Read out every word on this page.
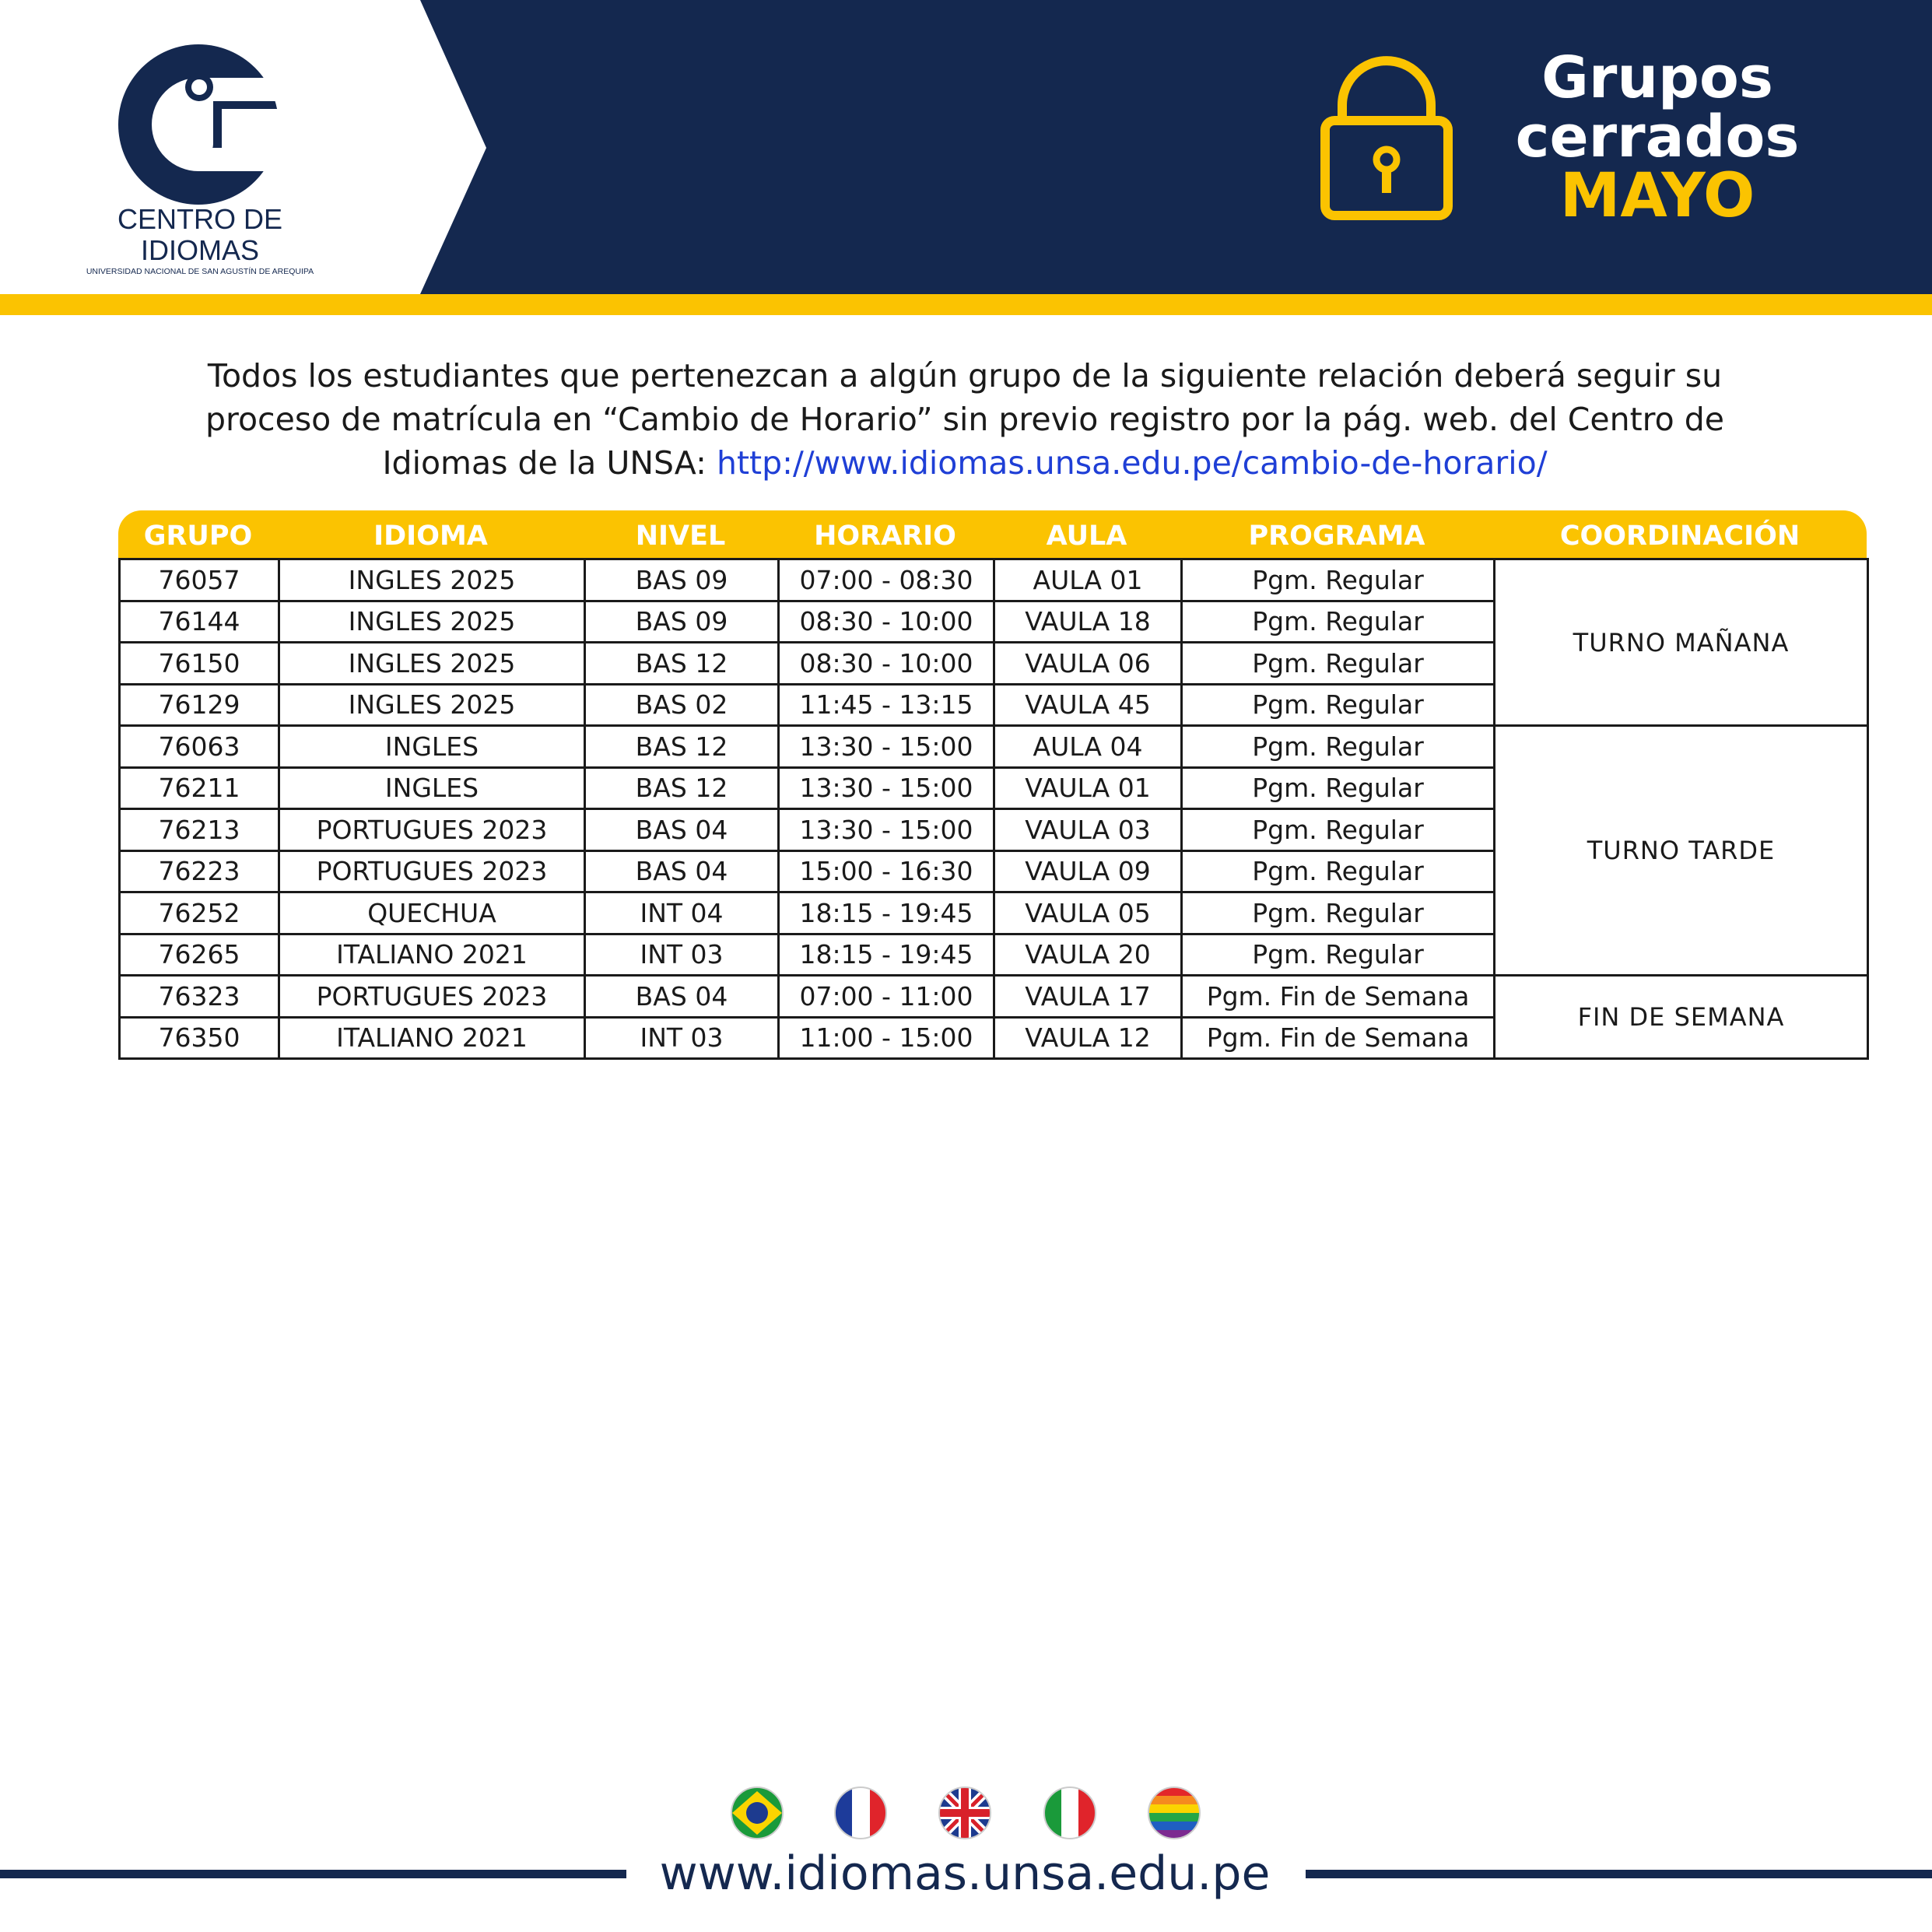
CENTRO DE IDIOMAS
UNIVERSIDAD NACIONAL DE SAN AGUSTÍN DE AREQUIPA
Grupos
cerrados
MAYO
Todos los estudiantes que pertenezcan a algún grupo de la siguiente relación deberá seguir su proceso de matrícula en “Cambio de Horario” sin previo registro por la pág. web. del Centro de Idiomas de la UNSA: http://www.idiomas.unsa.edu.pe/cambio-de-horario/
GRUPO	IDIOMA	NIVEL	HORARIO	AULA	PROGRAMA	COORDINACIÓN
76057	INGLES 2025	BAS 09	07:00 - 08:30	AULA 01	Pgm. Regular	TURNO MAÑANA
76144	INGLES 2025	BAS 09	08:30 - 10:00	VAULA 18	Pgm. Regular	
76150	INGLES 2025	BAS 12	08:30 - 10:00	VAULA 06	Pgm. Regular	
76129	INGLES 2025	BAS 02	11:45 - 13:15	VAULA 45	Pgm. Regular	
76063	INGLES	BAS 12	13:30 - 15:00	AULA 04	Pgm. Regular	TURNO TARDE
76211	INGLES	BAS 12	13:30 - 15:00	VAULA 01	Pgm. Regular	
76213	PORTUGUES 2023	BAS 04	13:30 - 15:00	VAULA 03	Pgm. Regular	
76223	PORTUGUES 2023	BAS 04	15:00 - 16:30	VAULA 09	Pgm. Regular	
76252	QUECHUA	INT 04	18:15 - 19:45	VAULA 05	Pgm. Regular	
76265	ITALIANO 2021	INT 03	18:15 - 19:45	VAULA 20	Pgm. Regular	
76323	PORTUGUES 2023	BAS 04	07:00 - 11:00	VAULA 17	Pgm. Fin de Semana	FIN DE SEMANA
76350	ITALIANO 2021	INT 03	11:00 - 15:00	VAULA 12	Pgm. Fin de Semana	
www.idiomas.unsa.edu.pe
